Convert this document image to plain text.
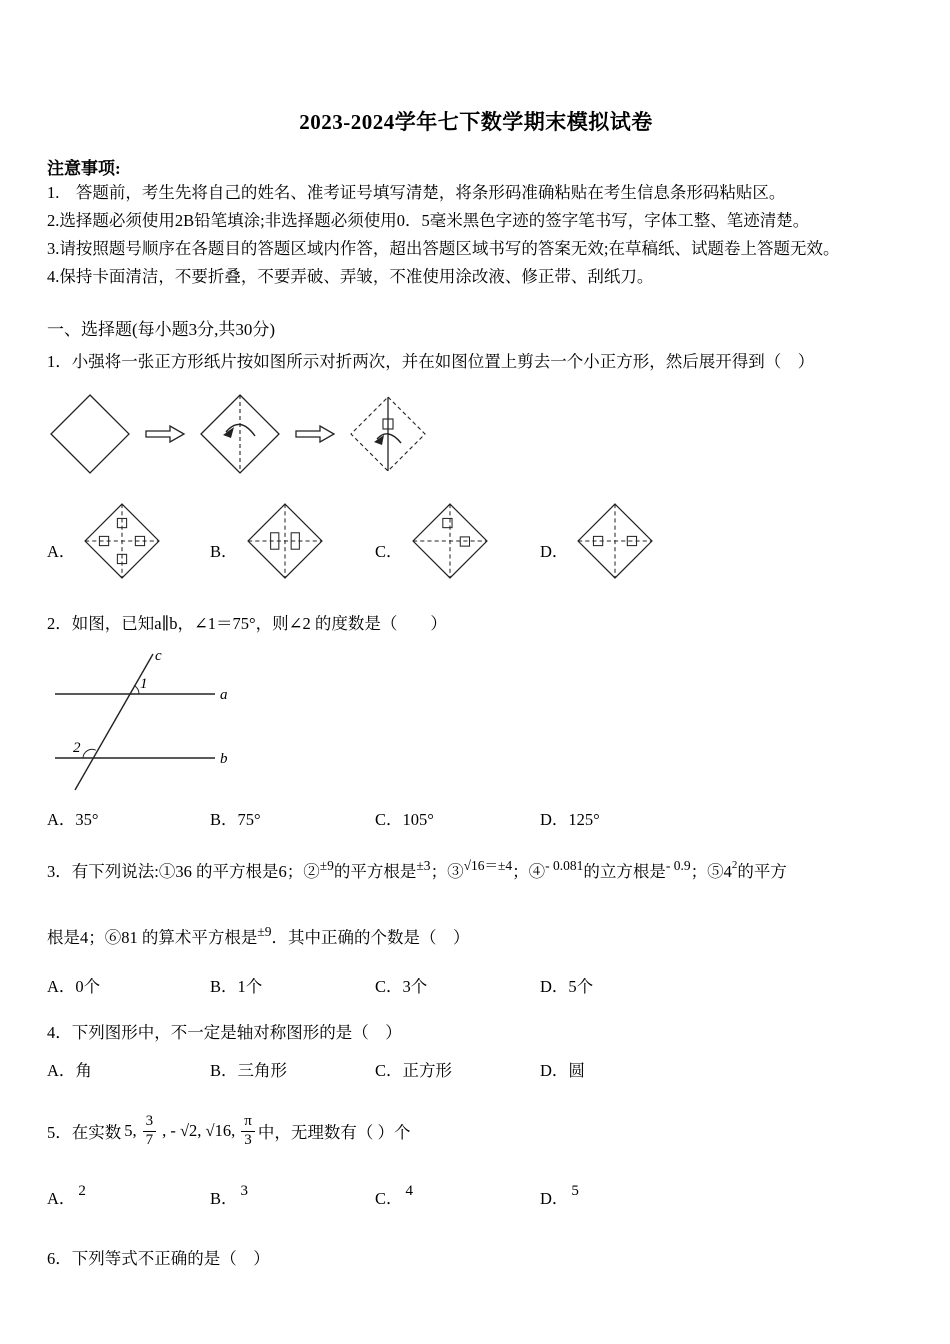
2023-2024学年七下数学期末模拟试卷
注意事项:
1.　答题前，考生先将自己的姓名、准考证号填写清楚，将条形码准确粘贴在考生信息条形码粘贴区。
2.选择题必须使用2B铅笔填涂;非选择题必须使用0．5毫米黑色字迹的签字笔书写，字体工整、笔迹清楚。
3.请按照题号顺序在各题目的答题区域内作答，超出答题区域书写的答案无效;在草稿纸、试题卷上答题无效。
4.保持卡面清洁，不要折叠，不要弄破、弄皱，不准使用涂改液、修正带、刮纸刀。
一、选择题(每小题3分,共30分)
1．小强将一张正方形纸片按如图所示对折两次，并在如图位置上剪去一个小正方形，然后展开得到（　）
A．	B．	C．	D．
2．如图，已知a∥b，∠1＝75°，则∠2 的度数是（　　）
c
a
b
1
2
A．35°	B．75°	C．105°	D．125°
3．有下列说法:①36 的平方根是6；②$^{\pm 9}$的平方根是$^{\pm 3}$；③$^{√16=\pm 4}$；④$^{- 0.081}$的立方根是$^{- 0.9}$；$⑤4^2$的平方
根是4；⑥81 的算术平方根是$^{\pm 9}$．其中正确的个数是（　）
A．0个	B．1个	C．3个	D．5个
4．下列图形中，不一定是轴对称图形的是（　）
A．角	B．三角形	C．正方形	D．圆
5．在实数 5, $\frac{3}{7}$ , - √2, √16, $\frac{\pi}{3}$ 中，无理数有（ ）个
A． 2	B． 3	C． 4	D． 5
6．下列等式不正确的是（　）
